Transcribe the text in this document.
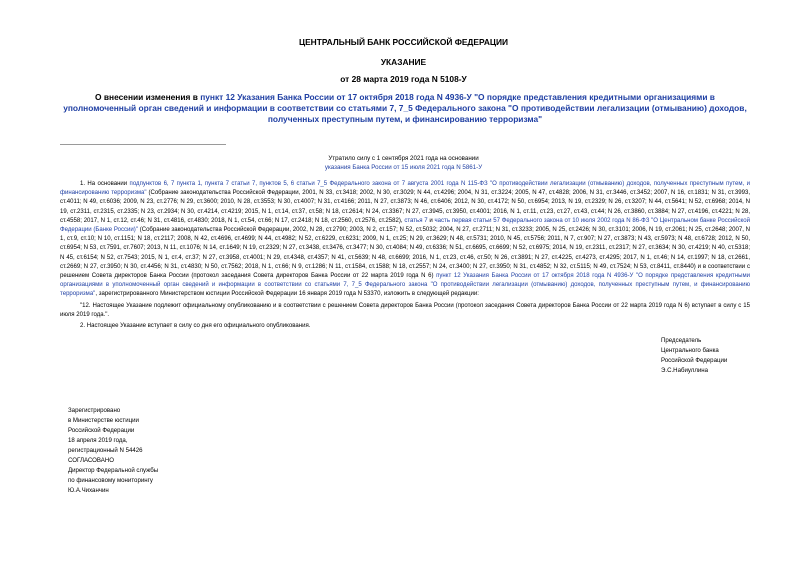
ЦЕНТРАЛЬНЫЙ БАНК РОССИЙСКОЙ ФЕДЕРАЦИИ
УКАЗАНИЕ
от 28 марта 2019 года N 5108-У
О внесении изменения в пункт 12 Указания Банка России от 17 октября 2018 года N 4936-У "О порядке представления кредитными организациями в уполномоченный орган сведений и информации в соответствии со статьями 7, 7_5 Федерального закона "О противодействии легализации (отмыванию) доходов, полученных преступным путем, и финансированию терроризма"
Утратило силу с 1 сентября 2021 года на основании
указания Банка России от 15 июля 2021 года N 5861-У

1. На основании подпунктов 6, 7 пункта 1, пункта 7 статьи 7, пунктов 5, 6 статьи 7_5 Федерального закона от 7 августа 2001 года N 115-ФЗ "О противодействии легализации (отмыванию) доходов, полученных преступным путем, и финансированию терроризма" (Собрание законодательства Российской Федерации, 2001, N 33, ст.3418; 2002, N 30, ст.3029; N 44, ст.4296; 2004, N 31, ст.3224; 2005, N 47, ст.4828; 2006, N 31, ст.3446, ст.3452; 2007, N 16, ст.1831; N 31, ст.3993, ст.4011; N 49, ст.6036; 2009, N 23, ст.2776; N 29, ст.3600; 2010, N 28, ст.3553; N 30, ст.4007; N 31, ст.4166; 2011, N 27, ст.3873; N 46, ст.6406; 2012, N 30, ст.4172; N 50, ст.6954; 2013, N 19, ст.2329; N 26, ст.3207; N 44, ст.5641; N 52, ст.6968; 2014, N 19, ст.2311, ст.2315, ст.2335; N 23, ст.2934; N 30, ст.4214, ст.4219; 2015, N 1, ст.14, ст.37, ст.58; N 18, ст.2614; N 24, ст.3367; N 27, ст.3945, ст.3950, ст.4001; 2016, N 1, ст.11, ст.23, ст.27, ст.43, ст.44; N 26, ст.3860, ст.3884; N 27, ст.4196, ст.4221; N 28, ст.4558; 2017, N 1, ст.12, ст.46; N 31, ст.4816, ст.4830; 2018, N 1, ст.54, ст.66; N 17, ст.2418; N 18, ст.2560, ст.2576, ст.2582), статья 7 и часть первая статьи 57 Федерального закона от 10 июля 2002 года N 86-ФЗ "О Центральном банке Российской Федерации (Банке России)" (Собрание законодательства Российской Федерации, 2002, N 28, ст.2790; 2003, N 2, ст.157; N 52, ст.5032; 2004, N 27, ст.2711; N 31, ст.3233; 2005, N 25, ст.2426; N 30, ст.3101; 2006, N 19, ст.2061; N 25, ст.2648; 2007, N 1, ст.9, ст.10; N 10, ст.1151; N 18, ст.2117; 2008, N 42, ст.4696, ст.4699; N 44, ст.4982; N 52, ст.6229, ст.6231; 2009, N 1, ст.25; N 29, ст.3629; N 48, ст.5731; 2010, N 45, ст.5756; 2011, N 7, ст.907; N 27, ст.3873; N 43, ст.5973; N 48, ст.6728; 2012, N 50, ст.6954; N 53, ст.7591, ст.7607; 2013, N 11, ст.1076; N 14, ст.1649; N 19, ст.2329; N 27, ст.3438, ст.3476, ст.3477; N 30, ст.4084; N 49, ст.6336; N 51, ст.6695, ст.6699; N 52, ст.6975; 2014, N 19, ст.2311, ст.2317; N 27, ст.3634; N 30, ст.4219; N 40, ст.5318; N 45, ст.6154; N 52, ст.7543; 2015, N 1, ст.4, ст.37; N 27, ст.3958, ст.4001; N 29, ст.4348, ст.4357; N 41, ст.5639; N 48, ст.6699; 2016, N 1, ст.23, ст.46, ст.50; N 26, ст.3891; N 27, ст.4225, ст.4273, ст.4295; 2017, N 1, ст.46; N 14, ст.1997; N 18, ст.2661, ст.2669; N 27, ст.3950; N 30, ст.4456; N 31, ст.4830; N 50, ст.7562; 2018, N 1, ст.66; N 9, ст.1286; N 11, ст.1584, ст.1588; N 18, ст.2557; N 24, ст.3400; N 27, ст.3950; N 31, ст.4852; N 32, ст.5115; N 49, ст.7524; N 53, ст.8411, ст.8440) и в соответствии с решением Совета директоров Банка России (протокол заседания Совета директоров Банка России от 22 марта 2019 года N 6) пункт 12 Указания Банка России от 17 октября 2018 года N 4936-У "О порядке представления кредитными организациями в уполномоченный орган сведений и информации в соответствии со статьями 7, 7_5 Федерального закона "О противодействии легализации (отмыванию) доходов, полученных преступным путем, и финансированию терроризма", зарегистрированного Министерством юстиции Российской Федерации 16 января 2019 года N 53370, изложить в следующей редакции:

"12. Настоящее Указание подлежит официальному опубликованию и в соответствии с решением Совета директоров Банка России (протокол заседания Совета директоров Банка России от 22 марта 2019 года N 6) вступает в силу с 15 июля 2019 года.".

2. Настоящее Указание вступает в силу со дня его официального опубликования.

Председатель
Центрального банка
Российской Федерации
Э.С.Набиуллина
Зарегистрировано
в Министерстве юстиции
Российской Федерации
18 апреля 2019 года,
регистрационный N 54426
СОГЛАСОВАНО
Директор Федеральной службы
по финансовому мониторингу
Ю.А.Чиханчин
